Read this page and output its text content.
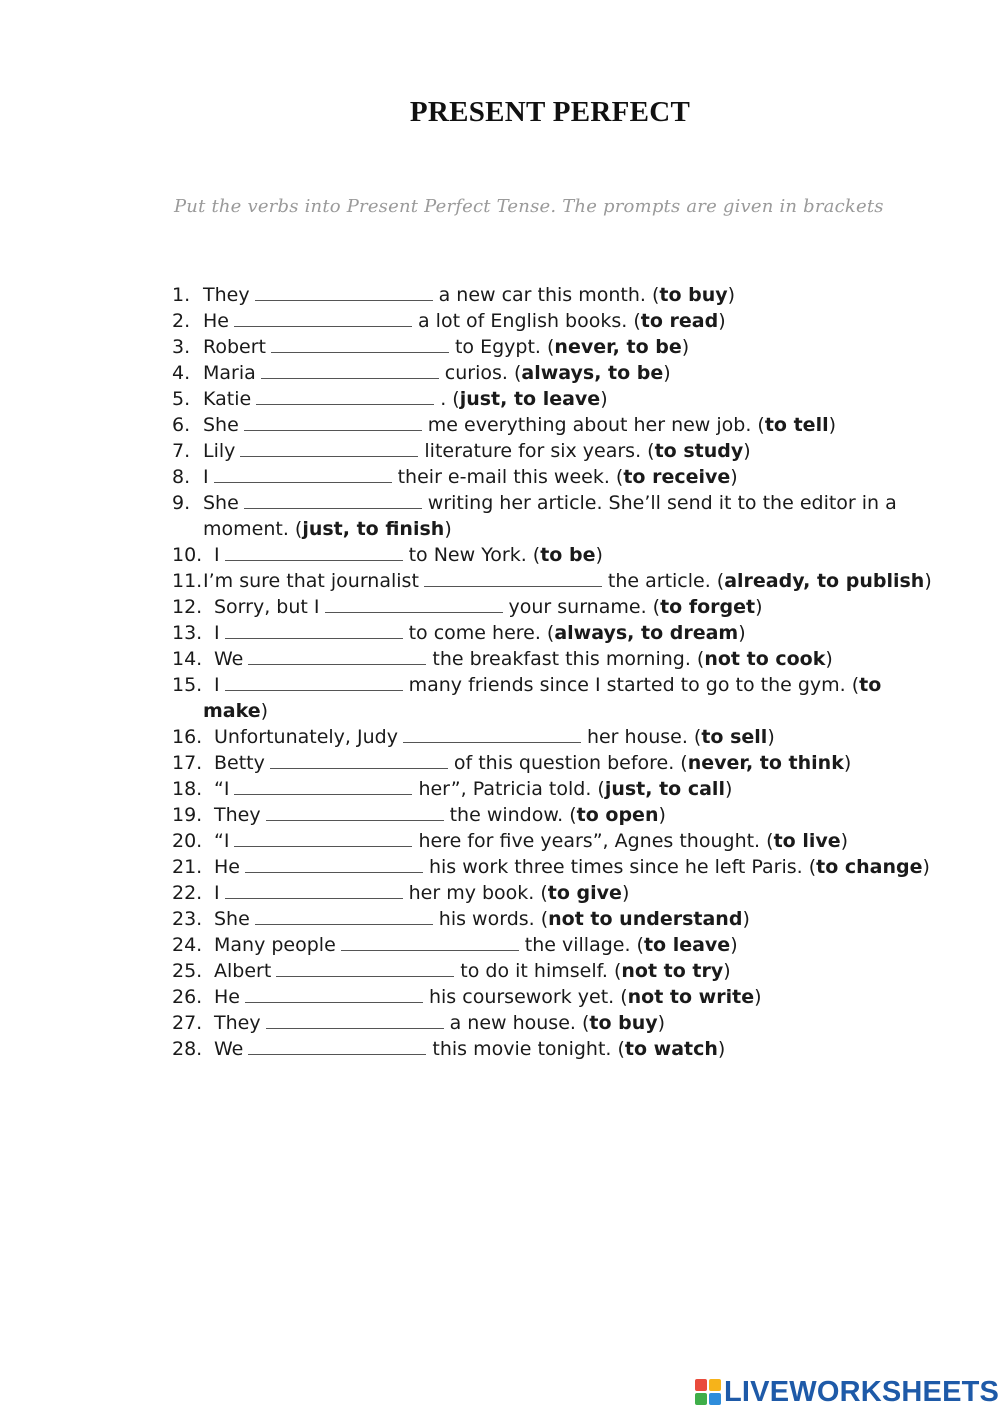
PRESENT PERFECT
Put the verbs into Present Perfect Tense. The prompts are given in brackets
1. They	a new car this month. (to buy)
2. He	a lot of English books. (to read)
3. Robert	to Egypt. (never, to be)
4. Maria	curios. (always, to be)
5. Katie	. (just, to leave)
6. She	me everything about her new job. (to tell)
7. Lily	literature for six years. (to study)
8. I	their e-mail this week. (to receive)
9. She	writing her article. She’ll send it to the editor in a moment. (just, to finish)
10. I	to New York. (to be)
11.I’m sure that journalist	the article. (already, to publish)
12. Sorry, but I	your surname. (to forget)
13. I	to come here. (always, to dream)
14. We	the breakfast this morning. (not to cook)
15. I	many friends since I started to go to the gym. (to make)
16. Unfortunately, Judy	her house. (to sell)
17. Betty	of this question before. (never, to think)
18. “I	her”, Patricia told. (just, to call)
19. They	the window. (to open)
20. “I	here for five years”, Agnes thought. (to live)
21. He	his work three times since he left Paris. (to change)
22. I	her my book. (to give)
23. She	his words. (not to understand)
24. Many people	the village. (to leave)
25. Albert	to do it himself. (not to try)
26. He	his coursework yet. (not to write)
27. They	a new house. (to buy)
28. We	this movie tonight. (to watch)
LIVEWORKSHEETS
